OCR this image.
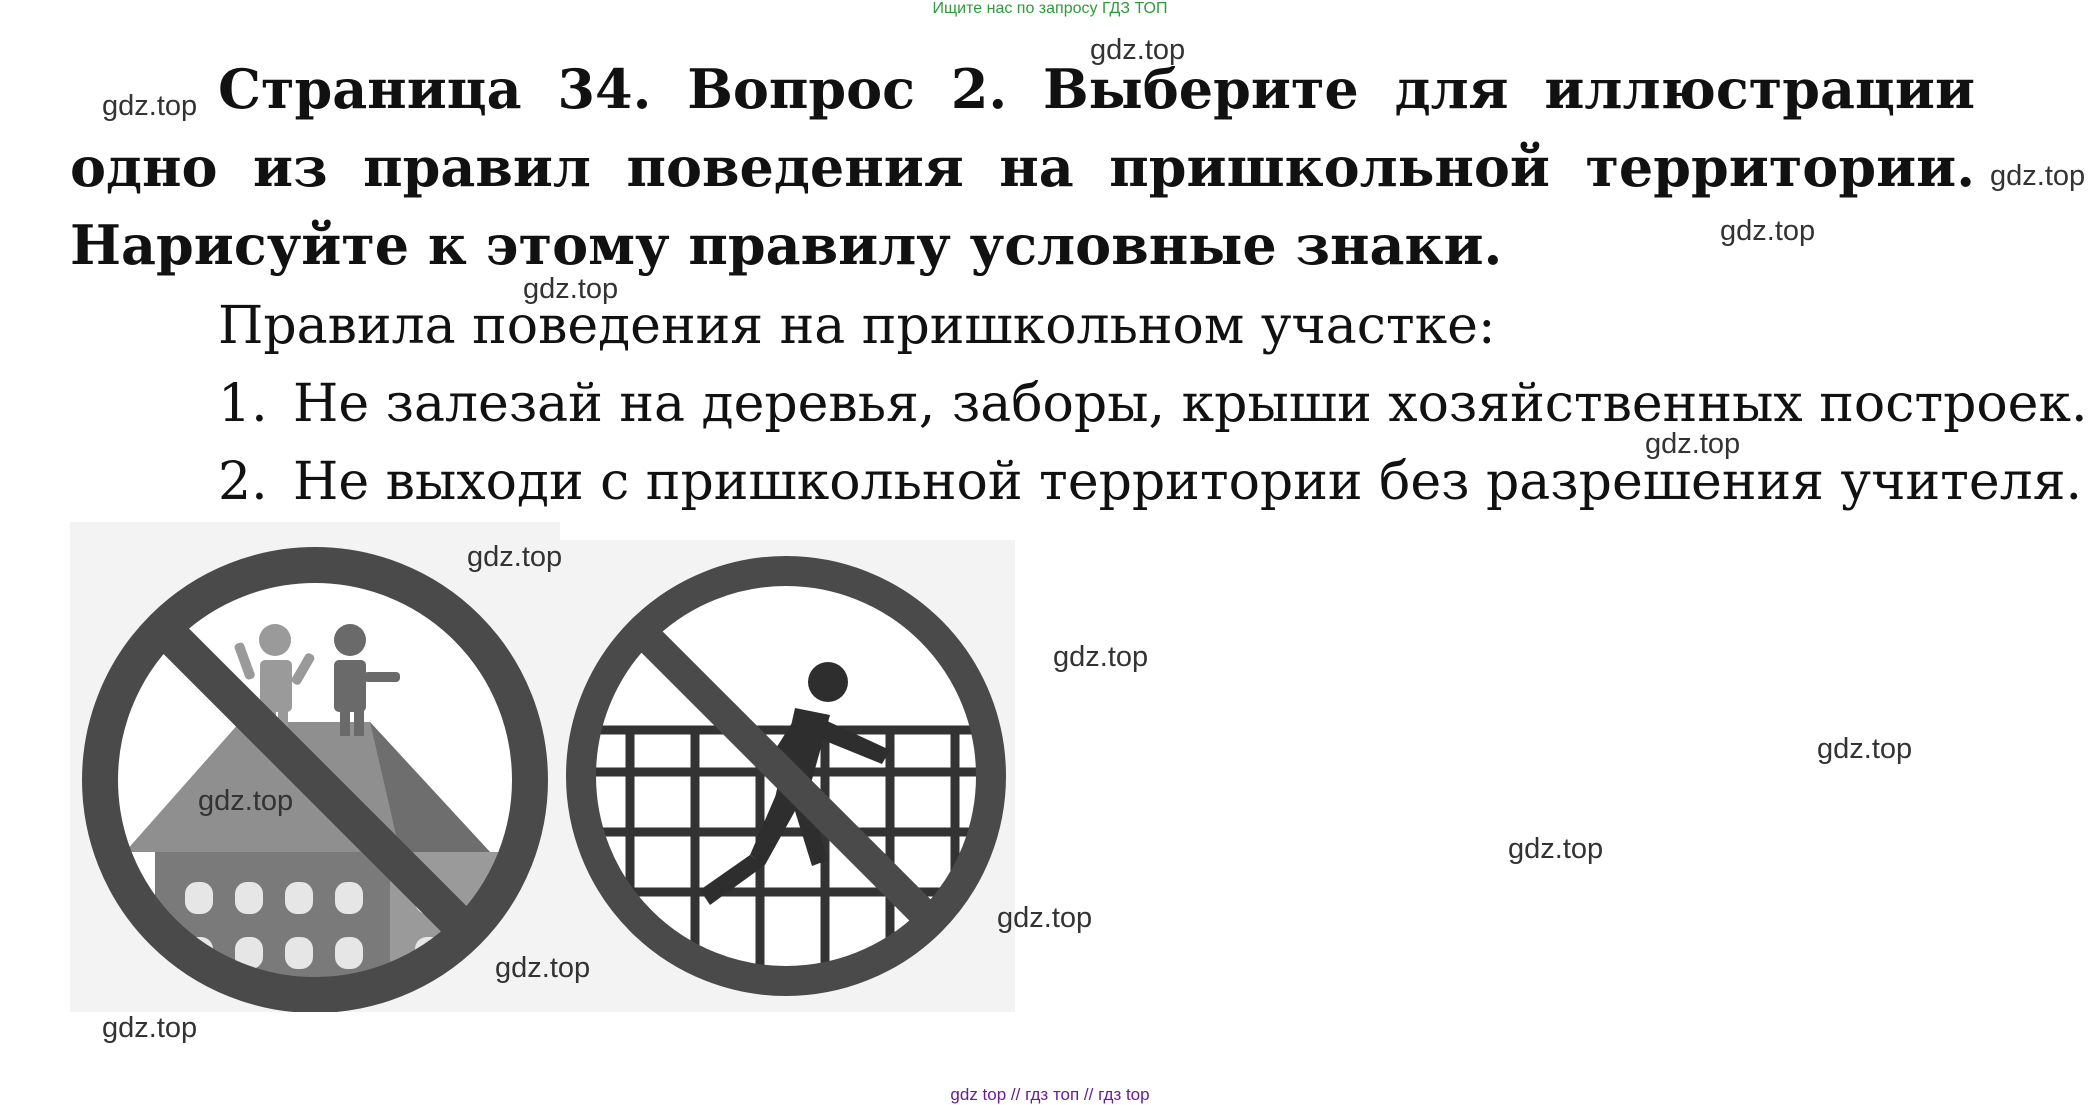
Ищите нас по запросу ГДЗ ТОП
Страница 34. Вопрос 2. Выберите для иллюстрации одно из правил поведения на пришкольной территории. Нарисуйте к этому правилу условные знаки.
Правила поведения на пришкольном участке:
1. Не залезай на деревья, заборы, крыши хозяйственных построек.
2. Не выходи с пришкольной территории без разрешения учителя.
gdz.top
gdz.top
gdz.top
gdz.top
gdz.top
gdz.top
gdz.top
gdz.top
gdz.top
gdz.top
gdz.top
gdz.top
gdz.top
gdz.top
gdz top // гдз топ // гдз top
